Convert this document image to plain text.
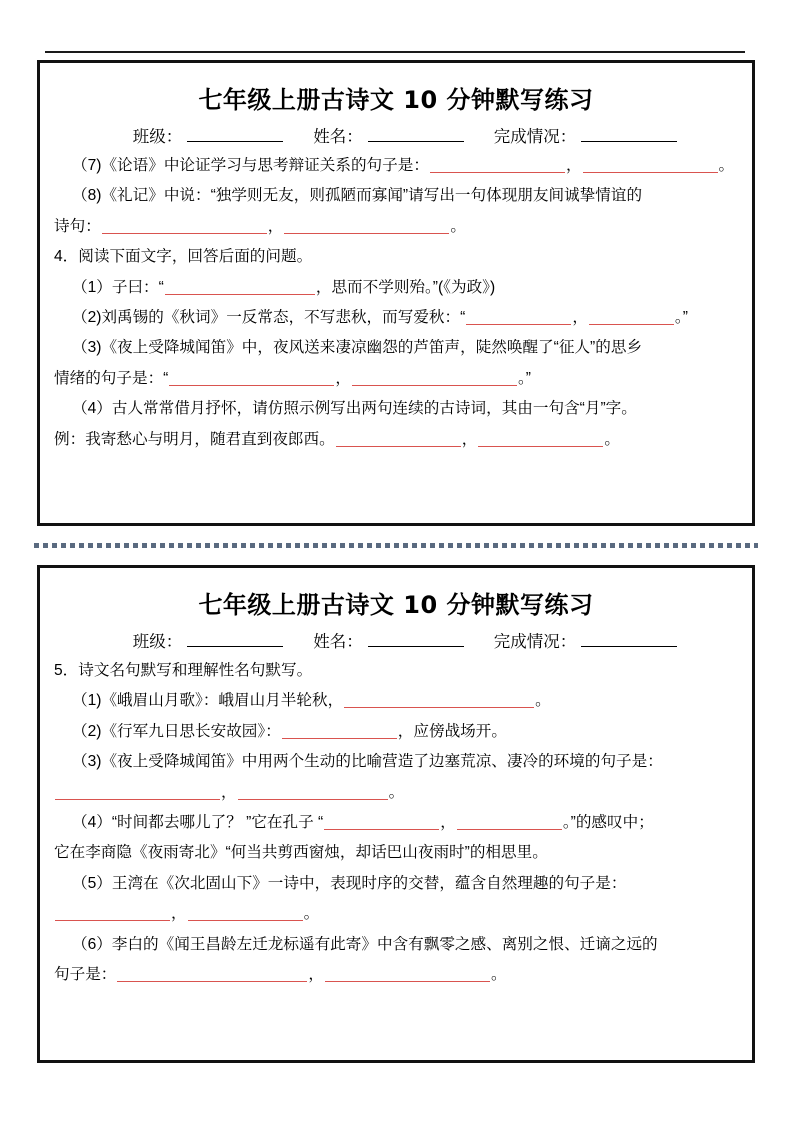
七年级上册古诗文 10 分钟默写练习
班级：	姓名：	完成情况：

（7)《论语》中论证学习与思考辩证关系的句子是：	，	。

（8)《礼记》中说：“独学则无友，则孤陋而寡闻”请写出一句体现朋友间诚挚情谊的

诗句：	，	。

4．阅读下面文字，回答后面的问题。

（1）子曰：“	，思而不学则殆。”(《为政》)

（2)刘禹锡的《秋词》一反常态，不写悲秋，而写爱秋：“	，	。”

（3)《夜上受降城闻笛》中，夜风送来凄凉幽怨的芦笛声，陡然唤醒了“征人”的思乡

情绪的句子是：“	，	。”

（4）古人常常借月抒怀，请仿照示例写出两句连续的古诗词，其由一句含“月”字。

例：我寄愁心与明月，随君直到夜郎西。	，	。

七年级上册古诗文 10 分钟默写练习
班级：	姓名：	完成情况：

5．诗文名句默写和理解性名句默写。

（1)《峨眉山月歌》：峨眉山月半轮秋，	。

（2)《行军九日思长安故园》：	，应傍战场开。

（3)《夜上受降城闻笛》中用两个生动的比喻营造了边塞荒凉、凄冷的环境的句子是：

，	。

（4）“时间都去哪儿了？ ”它在孔子 “	，	。”的感叹中；

它在李商隐《夜雨寄北》“何当共剪西窗烛，却话巴山夜雨时”的相思里。

（5）王湾在《次北固山下》一诗中，表现时序的交替，蕴含自然理趣的句子是：

，	。

（6）李白的《闻王昌龄左迁龙标遥有此寄》中含有飘零之感、离别之恨、迁谪之远的

句子是：	，	。
